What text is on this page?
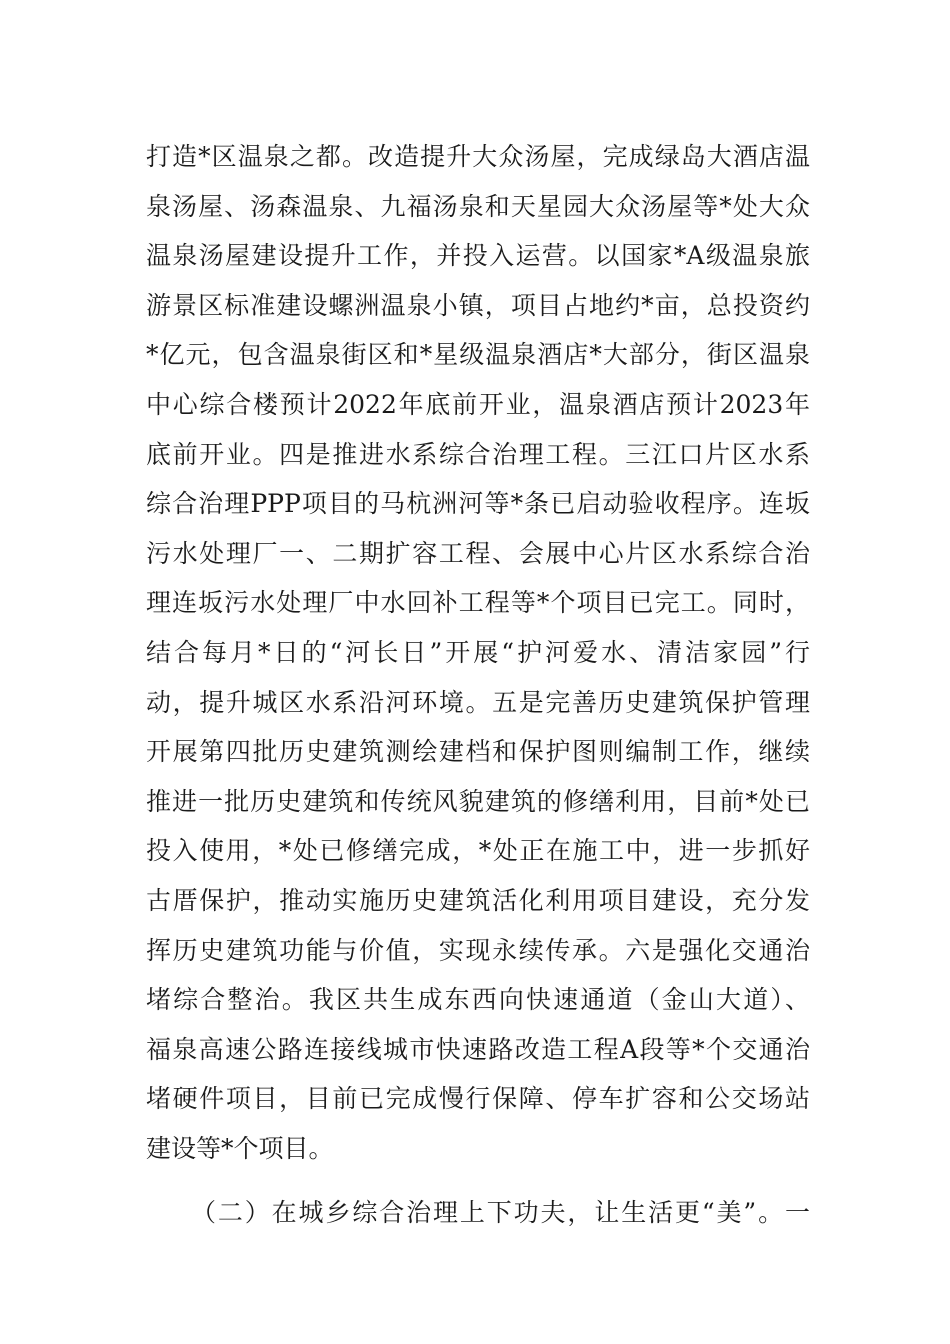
打造*区温泉之都。改造提升大众汤屋，完成绿岛大酒店温
泉汤屋、汤森温泉、九福汤泉和天星园大众汤屋等*处大众
温泉汤屋建设提升工作，并投入运营。以国家*A级温泉旅
游景区标准建设螺洲温泉小镇，项目占地约*亩，总投资约
*亿元，包含温泉街区和*星级温泉酒店*大部分，街区温泉
中心综合楼预计2022年底前开业，温泉酒店预计2023年
底前开业。四是推进水系综合治理工程。三江口片区水系
综合治理PPP项目的马杭洲河等*条已启动验收程序。连坂
污水处理厂一、二期扩容工程、会展中心片区水系综合治
理连坂污水处理厂中水回补工程等*个项目已完工。同时，
结合每月*日的“河长日”开展“护河爱水、清洁家园”行
动，提升城区水系沿河环境。五是完善历史建筑保护管理
开展第四批历史建筑测绘建档和保护图则编制工作，继续
推进一批历史建筑和传统风貌建筑的修缮利用，目前*处已
投入使用，*处已修缮完成，*处正在施工中，进一步抓好
古厝保护，推动实施历史建筑活化利用项目建设，充分发
挥历史建筑功能与价值，实现永续传承。六是强化交通治
堵综合整治。我区共生成东西向快速通道（金山大道）、
福泉高速公路连接线城市快速路改造工程A段等*个交通治
堵硬件项目，目前已完成慢行保障、停车扩容和公交场站
建设等*个项目。
（二）在城乡综合治理上下功夫，让生活更“美”。一
